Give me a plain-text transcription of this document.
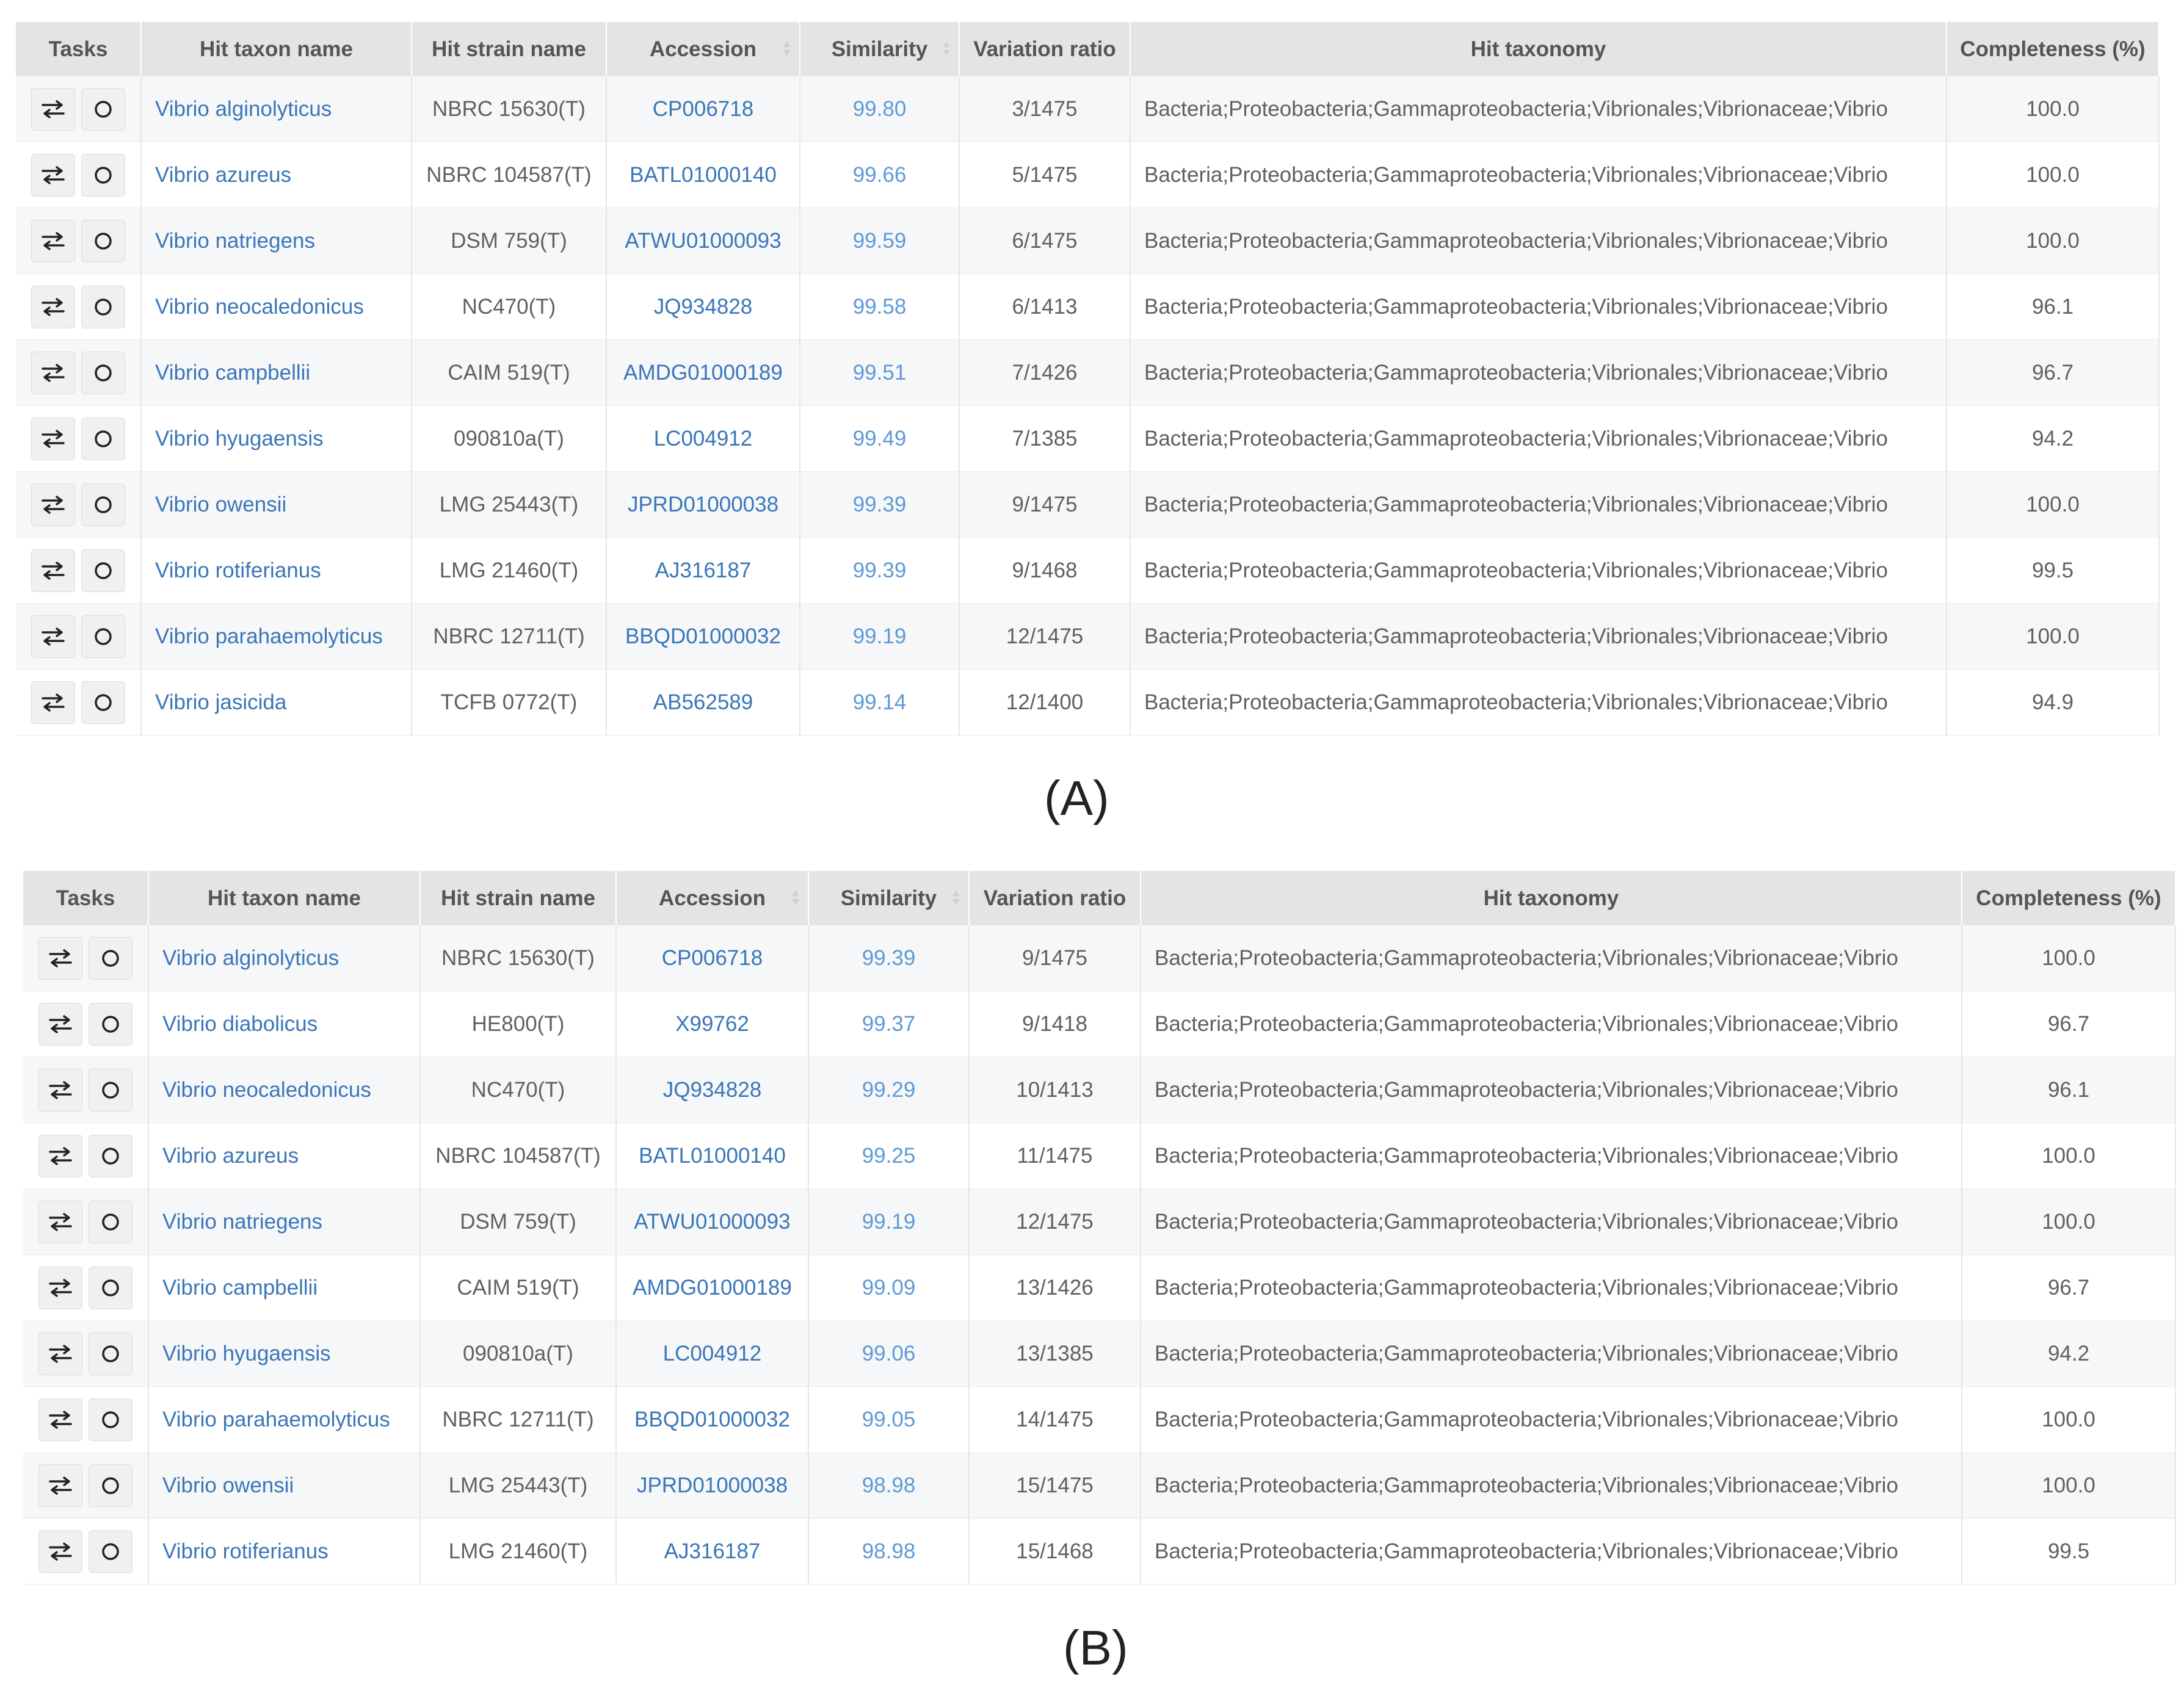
Tasks	Hit taxon name	Hit strain name	Accession	Similarity	Variation ratio	Hit taxonomy	Completeness (%)

	Vibrio alginolyticus	NBRC 15630(T)	CP006718	99.80	3/1475	Bacteria;Proteobacteria;Gammaproteobacteria;Vibrionales;Vibrionaceae;Vibrio	100.0

	Vibrio azureus	NBRC 104587(T)	BATL01000140	99.66	5/1475	Bacteria;Proteobacteria;Gammaproteobacteria;Vibrionales;Vibrionaceae;Vibrio	100.0

	Vibrio natriegens	DSM 759(T)	ATWU01000093	99.59	6/1475	Bacteria;Proteobacteria;Gammaproteobacteria;Vibrionales;Vibrionaceae;Vibrio	100.0

	Vibrio neocaledonicus	NC470(T)	JQ934828	99.58	6/1413	Bacteria;Proteobacteria;Gammaproteobacteria;Vibrionales;Vibrionaceae;Vibrio	96.1

	Vibrio campbellii	CAIM 519(T)	AMDG01000189	99.51	7/1426	Bacteria;Proteobacteria;Gammaproteobacteria;Vibrionales;Vibrionaceae;Vibrio	96.7

	Vibrio hyugaensis	090810a(T)	LC004912	99.49	7/1385	Bacteria;Proteobacteria;Gammaproteobacteria;Vibrionales;Vibrionaceae;Vibrio	94.2

	Vibrio owensii	LMG 25443(T)	JPRD01000038	99.39	9/1475	Bacteria;Proteobacteria;Gammaproteobacteria;Vibrionales;Vibrionaceae;Vibrio	100.0

	Vibrio rotiferianus	LMG 21460(T)	AJ316187	99.39	9/1468	Bacteria;Proteobacteria;Gammaproteobacteria;Vibrionales;Vibrionaceae;Vibrio	99.5

	Vibrio parahaemolyticus	NBRC 12711(T)	BBQD01000032	99.19	12/1475	Bacteria;Proteobacteria;Gammaproteobacteria;Vibrionales;Vibrionaceae;Vibrio	100.0

	Vibrio jasicida	TCFB 0772(T)	AB562589	99.14	12/1400	Bacteria;Proteobacteria;Gammaproteobacteria;Vibrionales;Vibrionaceae;Vibrio	94.9
(A)
Tasks	Hit taxon name	Hit strain name	Accession	Similarity	Variation ratio	Hit taxonomy	Completeness (%)

	Vibrio alginolyticus	NBRC 15630(T)	CP006718	99.39	9/1475	Bacteria;Proteobacteria;Gammaproteobacteria;Vibrionales;Vibrionaceae;Vibrio	100.0

	Vibrio diabolicus	HE800(T)	X99762	99.37	9/1418	Bacteria;Proteobacteria;Gammaproteobacteria;Vibrionales;Vibrionaceae;Vibrio	96.7

	Vibrio neocaledonicus	NC470(T)	JQ934828	99.29	10/1413	Bacteria;Proteobacteria;Gammaproteobacteria;Vibrionales;Vibrionaceae;Vibrio	96.1

	Vibrio azureus	NBRC 104587(T)	BATL01000140	99.25	11/1475	Bacteria;Proteobacteria;Gammaproteobacteria;Vibrionales;Vibrionaceae;Vibrio	100.0

	Vibrio natriegens	DSM 759(T)	ATWU01000093	99.19	12/1475	Bacteria;Proteobacteria;Gammaproteobacteria;Vibrionales;Vibrionaceae;Vibrio	100.0

	Vibrio campbellii	CAIM 519(T)	AMDG01000189	99.09	13/1426	Bacteria;Proteobacteria;Gammaproteobacteria;Vibrionales;Vibrionaceae;Vibrio	96.7

	Vibrio hyugaensis	090810a(T)	LC004912	99.06	13/1385	Bacteria;Proteobacteria;Gammaproteobacteria;Vibrionales;Vibrionaceae;Vibrio	94.2

	Vibrio parahaemolyticus	NBRC 12711(T)	BBQD01000032	99.05	14/1475	Bacteria;Proteobacteria;Gammaproteobacteria;Vibrionales;Vibrionaceae;Vibrio	100.0

	Vibrio owensii	LMG 25443(T)	JPRD01000038	98.98	15/1475	Bacteria;Proteobacteria;Gammaproteobacteria;Vibrionales;Vibrionaceae;Vibrio	100.0

	Vibrio rotiferianus	LMG 21460(T)	AJ316187	98.98	15/1468	Bacteria;Proteobacteria;Gammaproteobacteria;Vibrionales;Vibrionaceae;Vibrio	99.5
(B)
